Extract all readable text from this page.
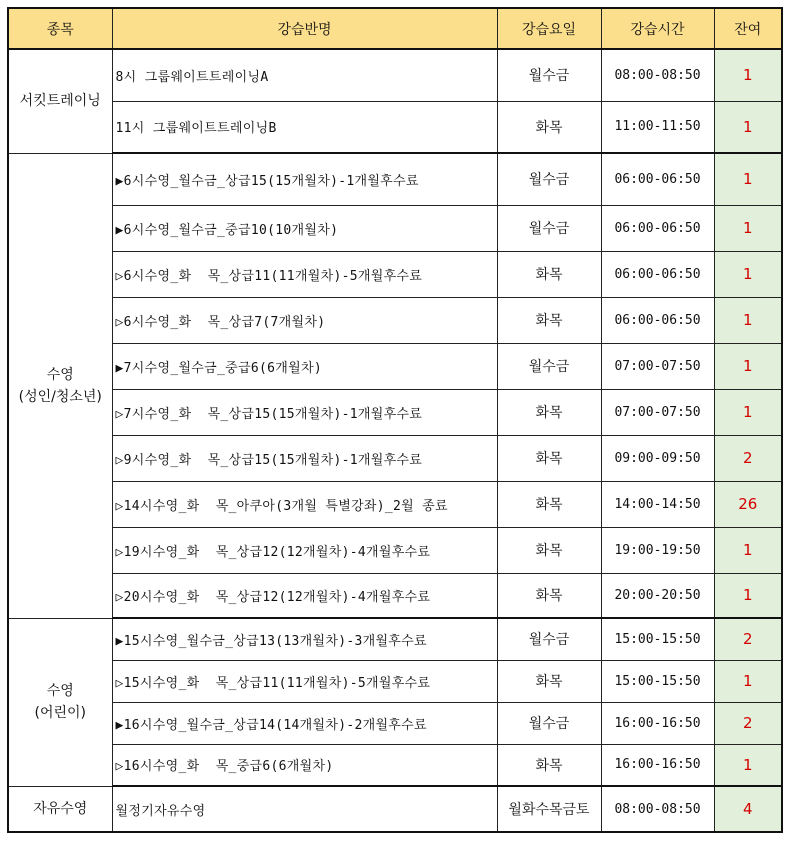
종목	강습반명	강습요일	강습시간	잔여

서킷트레이닝	8시 그룹웨이트트레이닝A	월수금	08:00-08:50	1
	11시 그룹웨이트트레이닝B	화목	11:00-11:50	1

수영
(성인/청소년)	▶6시수영_월수금_상급15(15개월차)-1개월후수료	월수금	06:00-06:50	1
	▶6시수영_월수금_중급10(10개월차)	월수금	06:00-06:50	1
	▷6시수영_화  목_상급11(11개월차)-5개월후수료	화목	06:00-06:50	1
	▷6시수영_화  목_상급7(7개월차)	화목	06:00-06:50	1
	▶7시수영_월수금_중급6(6개월차)	월수금	07:00-07:50	1
	▷7시수영_화  목_상급15(15개월차)-1개월후수료	화목	07:00-07:50	1
	▷9시수영_화  목_상급15(15개월차)-1개월후수료	화목	09:00-09:50	2
	▷14시수영_화  목_아쿠아(3개월 특별강좌)_2월 종료	화목	14:00-14:50	26
	▷19시수영_화  목_상급12(12개월차)-4개월후수료	화목	19:00-19:50	1
	▷20시수영_화  목_상급12(12개월차)-4개월후수료	화목	20:00-20:50	1

수영
(어린이)	▶15시수영_월수금_상급13(13개월차)-3개월후수료	월수금	15:00-15:50	2
	▷15시수영_화  목_상급11(11개월차)-5개월후수료	화목	15:00-15:50	1
	▶16시수영_월수금_상급14(14개월차)-2개월후수료	월수금	16:00-16:50	2
	▷16시수영_화  목_중급6(6개월차)	화목	16:00-16:50	1

자유수영	월정기자유수영	월화수목금토	08:00-08:50	4
